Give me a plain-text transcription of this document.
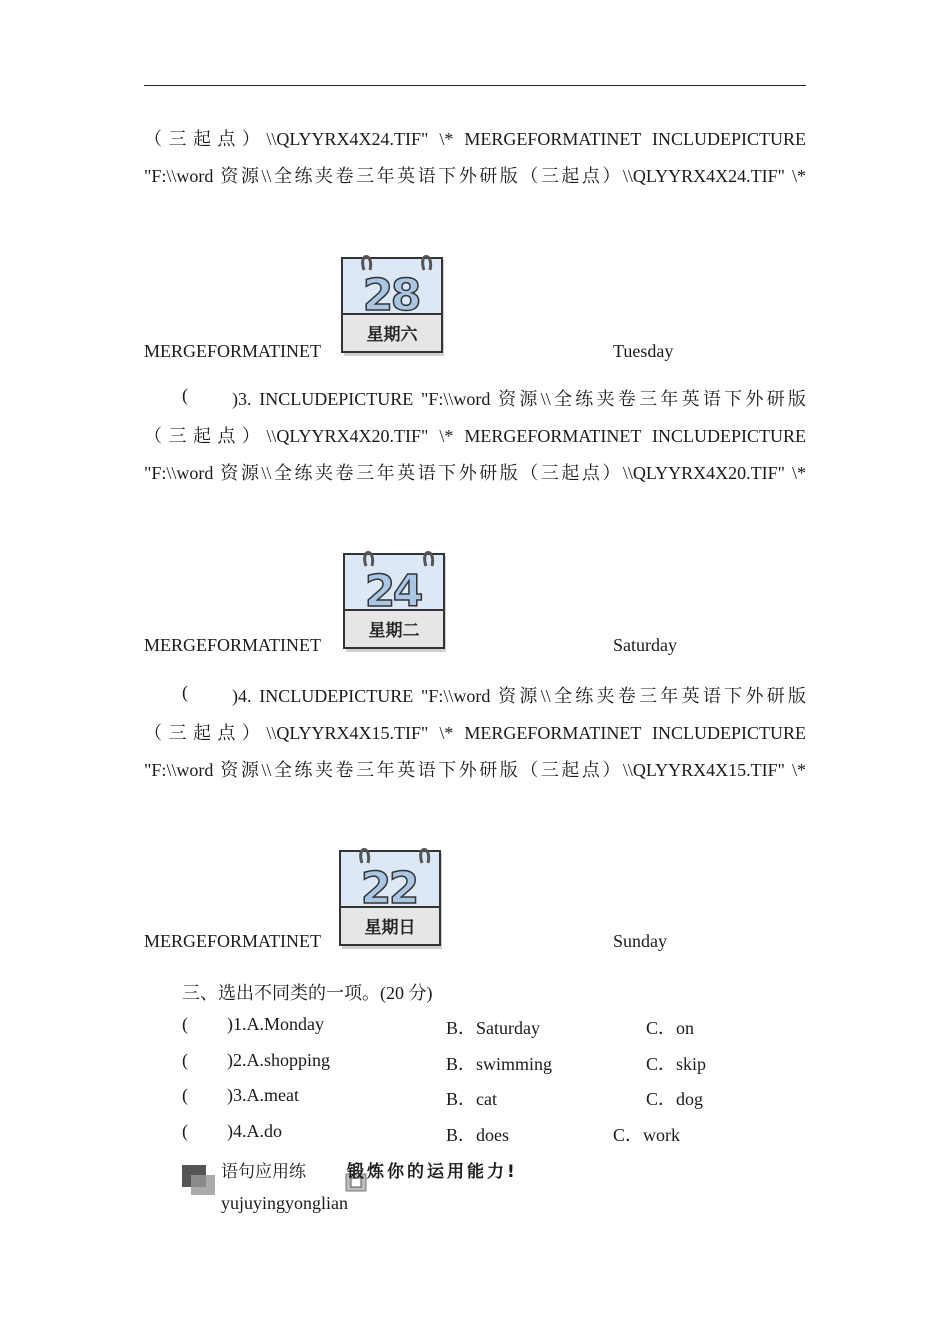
（三起点）\\QLYYRX4X24.TIF" \* MERGEFORMATINET INCLUDEPICTURE
"F:\\word 资源\\全练夹卷三年英语下外研版（三起点）\\QLYYRX4X24.TIF" \*
MERGEFORMATINET
2
8
星期六
Tuesday
( )3. INCLUDEPICTURE "F:\\word 资源\\全练夹卷三年英语下外研版
（三起点）\\QLYYRX4X20.TIF" \* MERGEFORMATINET INCLUDEPICTURE
"F:\\word 资源\\全练夹卷三年英语下外研版（三起点）\\QLYYRX4X20.TIF" \*
MERGEFORMATINET
2
4
星期二
Saturday
( )4. INCLUDEPICTURE "F:\\word 资源\\全练夹卷三年英语下外研版
（三起点）\\QLYYRX4X15.TIF" \* MERGEFORMATINET INCLUDEPICTURE
"F:\\word 资源\\全练夹卷三年英语下外研版（三起点）\\QLYYRX4X15.TIF" \*
MERGEFORMATINET
2
2
星期日
Sunday
三、选出不同类的一项。(20 分)
( )1.A.Monday	B．Saturday	C．on
( )2.A.shopping	B．swimming	C．skip
( )3.A.meat	B．cat	C．dog
( )4.A.do	B．does	C．work
语句应用练 锻炼你的运用能力!
yujuyingyonglian
